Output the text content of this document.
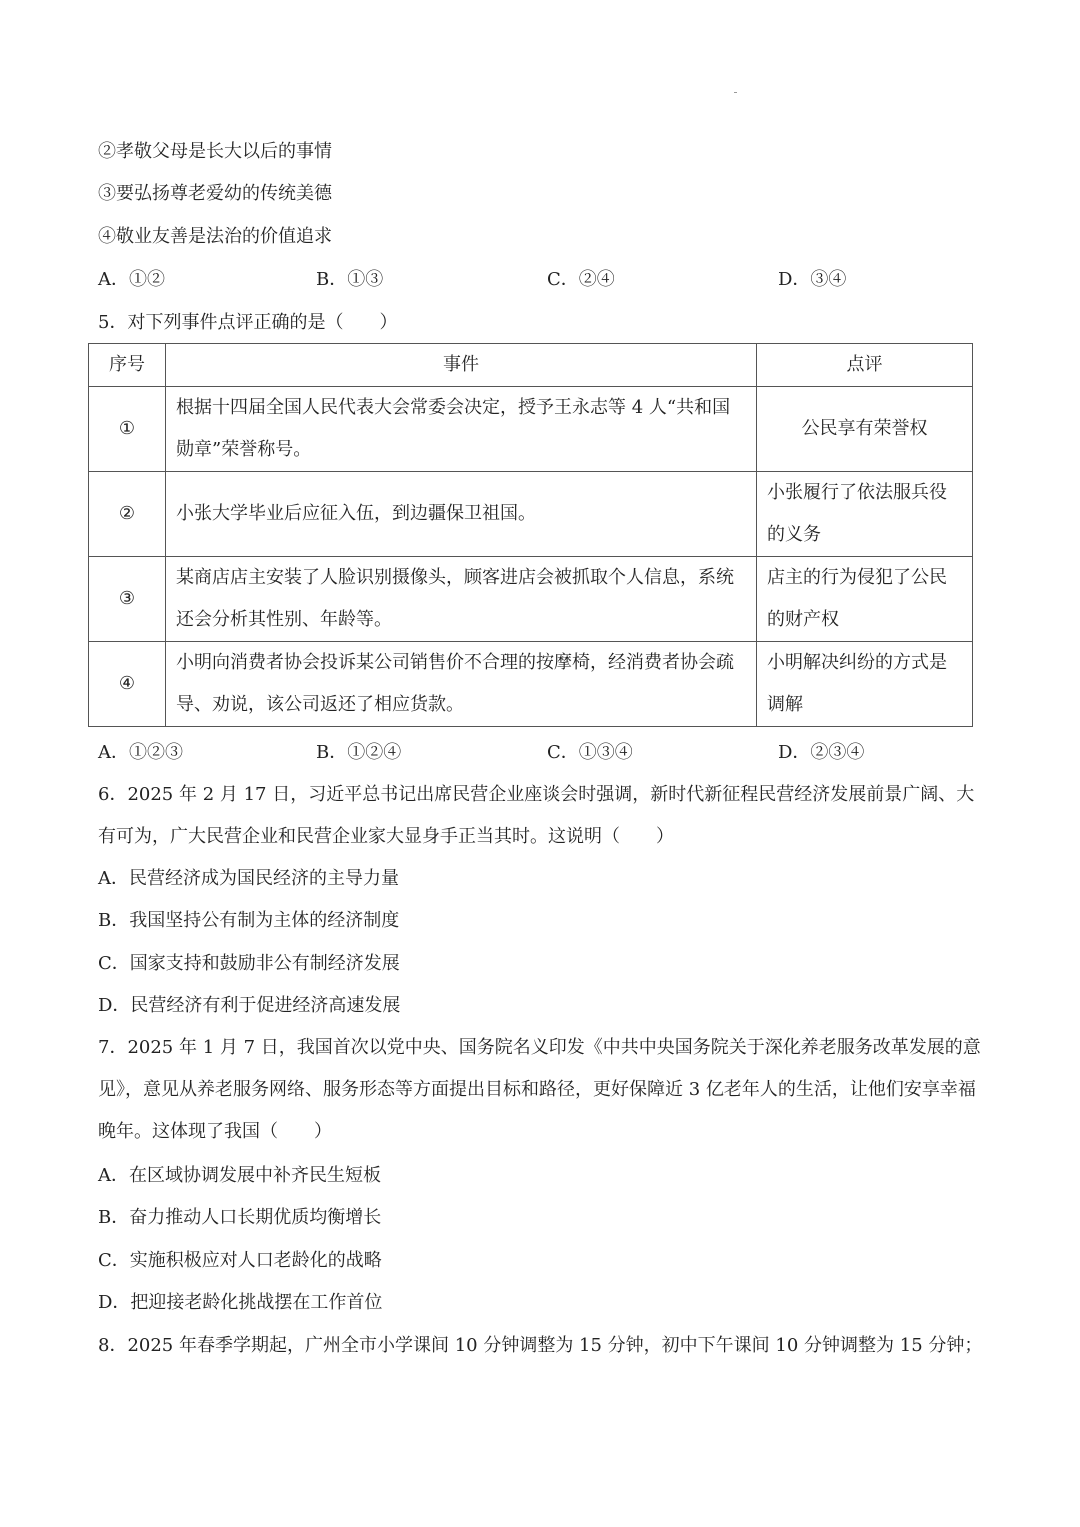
②孝敬父母是长大以后的事情
③要弘扬尊老爱幼的传统美德
④敬业友善是法治的价值追求
A．①②	B．①③	C．②④	D．③④
5．对下列事件点评正确的是（　　）
序号	事件	点评
①	根据十四届全国人民代表大会常委会决定，授予王永志等 4 人“共和国勋章”荣誉称号。	公民享有荣誉权
②	小张大学毕业后应征入伍，到边疆保卫祖国。	小张履行了依法服兵役的义务
③	某商店店主安装了人脸识别摄像头，顾客进店会被抓取个人信息，系统还会分析其性别、年龄等。	店主的行为侵犯了公民的财产权
④	小明向消费者协会投诉某公司销售价不合理的按摩椅，经消费者协会疏导、劝说，该公司返还了相应货款。	小明解决纠纷的方式是调解
A．①②③	B．①②④	C．①③④	D．②③④
6．2025 年 2 月 17 日，习近平总书记出席民营企业座谈会时强调，新时代新征程民营经济发展前景广阔、大有可为，广大民营企业和民营企业家大显身手正当其时。这说明（　　）
A．民营经济成为国民经济的主导力量
B．我国坚持公有制为主体的经济制度
C．国家支持和鼓励非公有制经济发展
D．民营经济有利于促进经济高速发展
7．2025 年 1 月 7 日，我国首次以党中央、国务院名义印发《中共中央国务院关于深化养老服务改革发展的意见》，意见从养老服务网络、服务形态等方面提出目标和路径，更好保障近 3 亿老年人的生活，让他们安享幸福晚年。这体现了我国（　　）
A．在区域协调发展中补齐民生短板
B．奋力推动人口长期优质均衡增长
C．实施积极应对人口老龄化的战略
D．把迎接老龄化挑战摆在工作首位
8．2025 年春季学期起，广州全市小学课间 10 分钟调整为 15 分钟，初中下午课间 10 分钟调整为 15 分钟；
